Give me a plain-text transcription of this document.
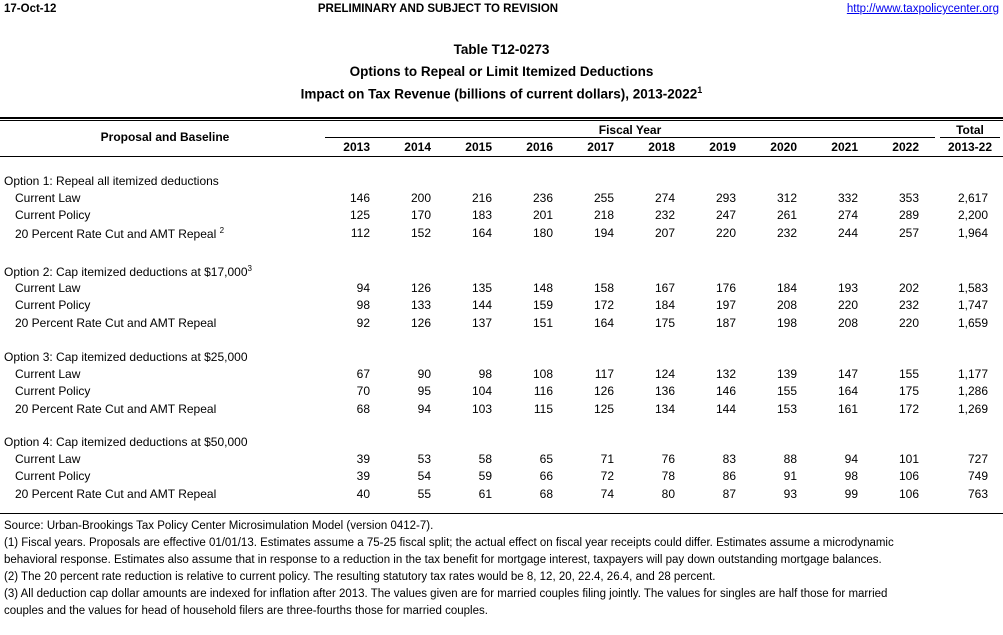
17-Oct-12	PRELIMINARY AND SUBJECT TO REVISION	http://www.taxpolicycenter.org
Table T12-0273
Options to Repeal or Limit Itemized Deductions
Impact on Tax Revenue (billions of current dollars), 2013-2022$^1$
Proposal and Baseline	Fiscal Year	Total
2013	2014	2015	2016	2017	2018	2019	2020	2021	2022	2013-22
Option 1: Repeal all itemized deductions
Current Law	146	200	216	236	255	274	293	312	332	353	2,617
Current Policy	125	170	183	201	218	232	247	261	274	289	2,200
20 Percent Rate Cut and AMT Repeal $^2$	112	152	164	180	194	207	220	232	244	257	1,964
Option 2: Cap itemized deductions at $17,000$^3$
Current Law	94	126	135	148	158	167	176	184	193	202	1,583
Current Policy	98	133	144	159	172	184	197	208	220	232	1,747
20 Percent Rate Cut and AMT Repeal	92	126	137	151	164	175	187	198	208	220	1,659
Option 3: Cap itemized deductions at $25,000
Current Law	67	90	98	108	117	124	132	139	147	155	1,177
Current Policy	70	95	104	116	126	136	146	155	164	175	1,286
20 Percent Rate Cut and AMT Repeal	68	94	103	115	125	134	144	153	161	172	1,269
Option 4: Cap itemized deductions at $50,000
Current Law	39	53	58	65	71	76	83	88	94	101	727
Current Policy	39	54	59	66	72	78	86	91	98	106	749
20 Percent Rate Cut and AMT Repeal	40	55	61	68	74	80	87	93	99	106	763
Source: Urban-Brookings Tax Policy Center Microsimulation Model (version 0412-7).
(1) Fiscal years. Proposals are effective 01/01/13. Estimates assume a 75-25 fiscal split; the actual effect on fiscal year receipts could differ. Estimates assume a microdynamic
behavioral response. Estimates also assume that in response to a reduction in the tax benefit for mortgage interest, taxpayers will pay down outstanding mortgage balances.
(2) The 20 percent rate reduction is relative to current policy. The resulting statutory tax rates would be 8, 12, 20, 22.4, 26.4, and 28 percent.
(3) All deduction cap dollar amounts are indexed for inflation after 2013. The values given are for married couples filing jointly. The values for singles are half those for married
couples and the values for head of household filers are three-fourths those for married couples.
